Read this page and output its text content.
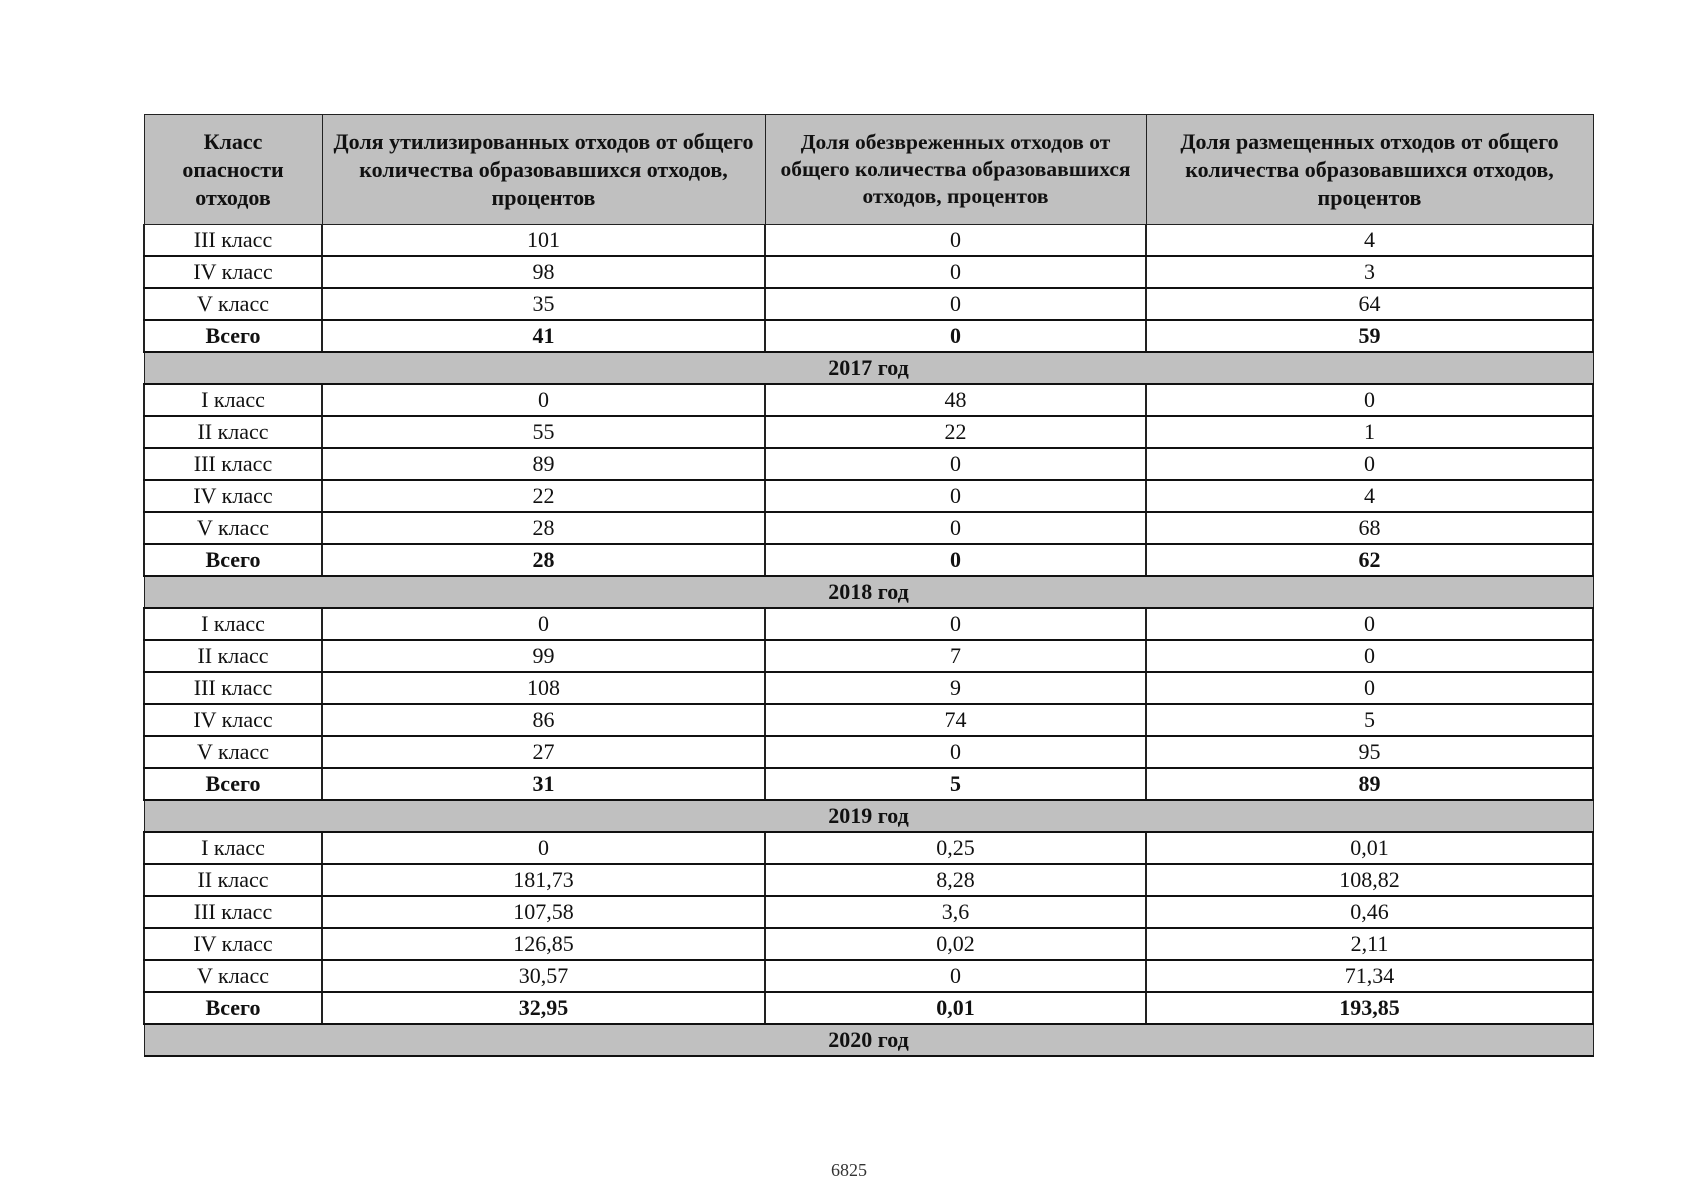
Класс опасности отходов	Доля утилизированных отходов от общего количества образовавшихся отходов, процентов	Доля обезвреженных отходов от общего количества образовавшихся отходов, процентов	Доля размещенных отходов от общего количества образовавшихся отходов, процентов
III класс	101	0	4
IV класс	98	0	3
V класс	35	0	64
Всего	41	0	59
2017 год			
I класс	0	48	0
II класс	55	22	1
III класс	89	0	0
IV класс	22	0	4
V класс	28	0	68
Всего	28	0	62
2018 год			
I класс	0	0	0
II класс	99	7	0
III класс	108	9	0
IV класс	86	74	5
V класс	27	0	95
Всего	31	5	89
2019 год			
I класс	0	0,25	0,01
II класс	181,73	8,28	108,82
III класс	107,58	3,6	0,46
IV класс	126,85	0,02	2,11
V класс	30,57	0	71,34
Всего	32,95	0,01	193,85
2020 год			
6825
